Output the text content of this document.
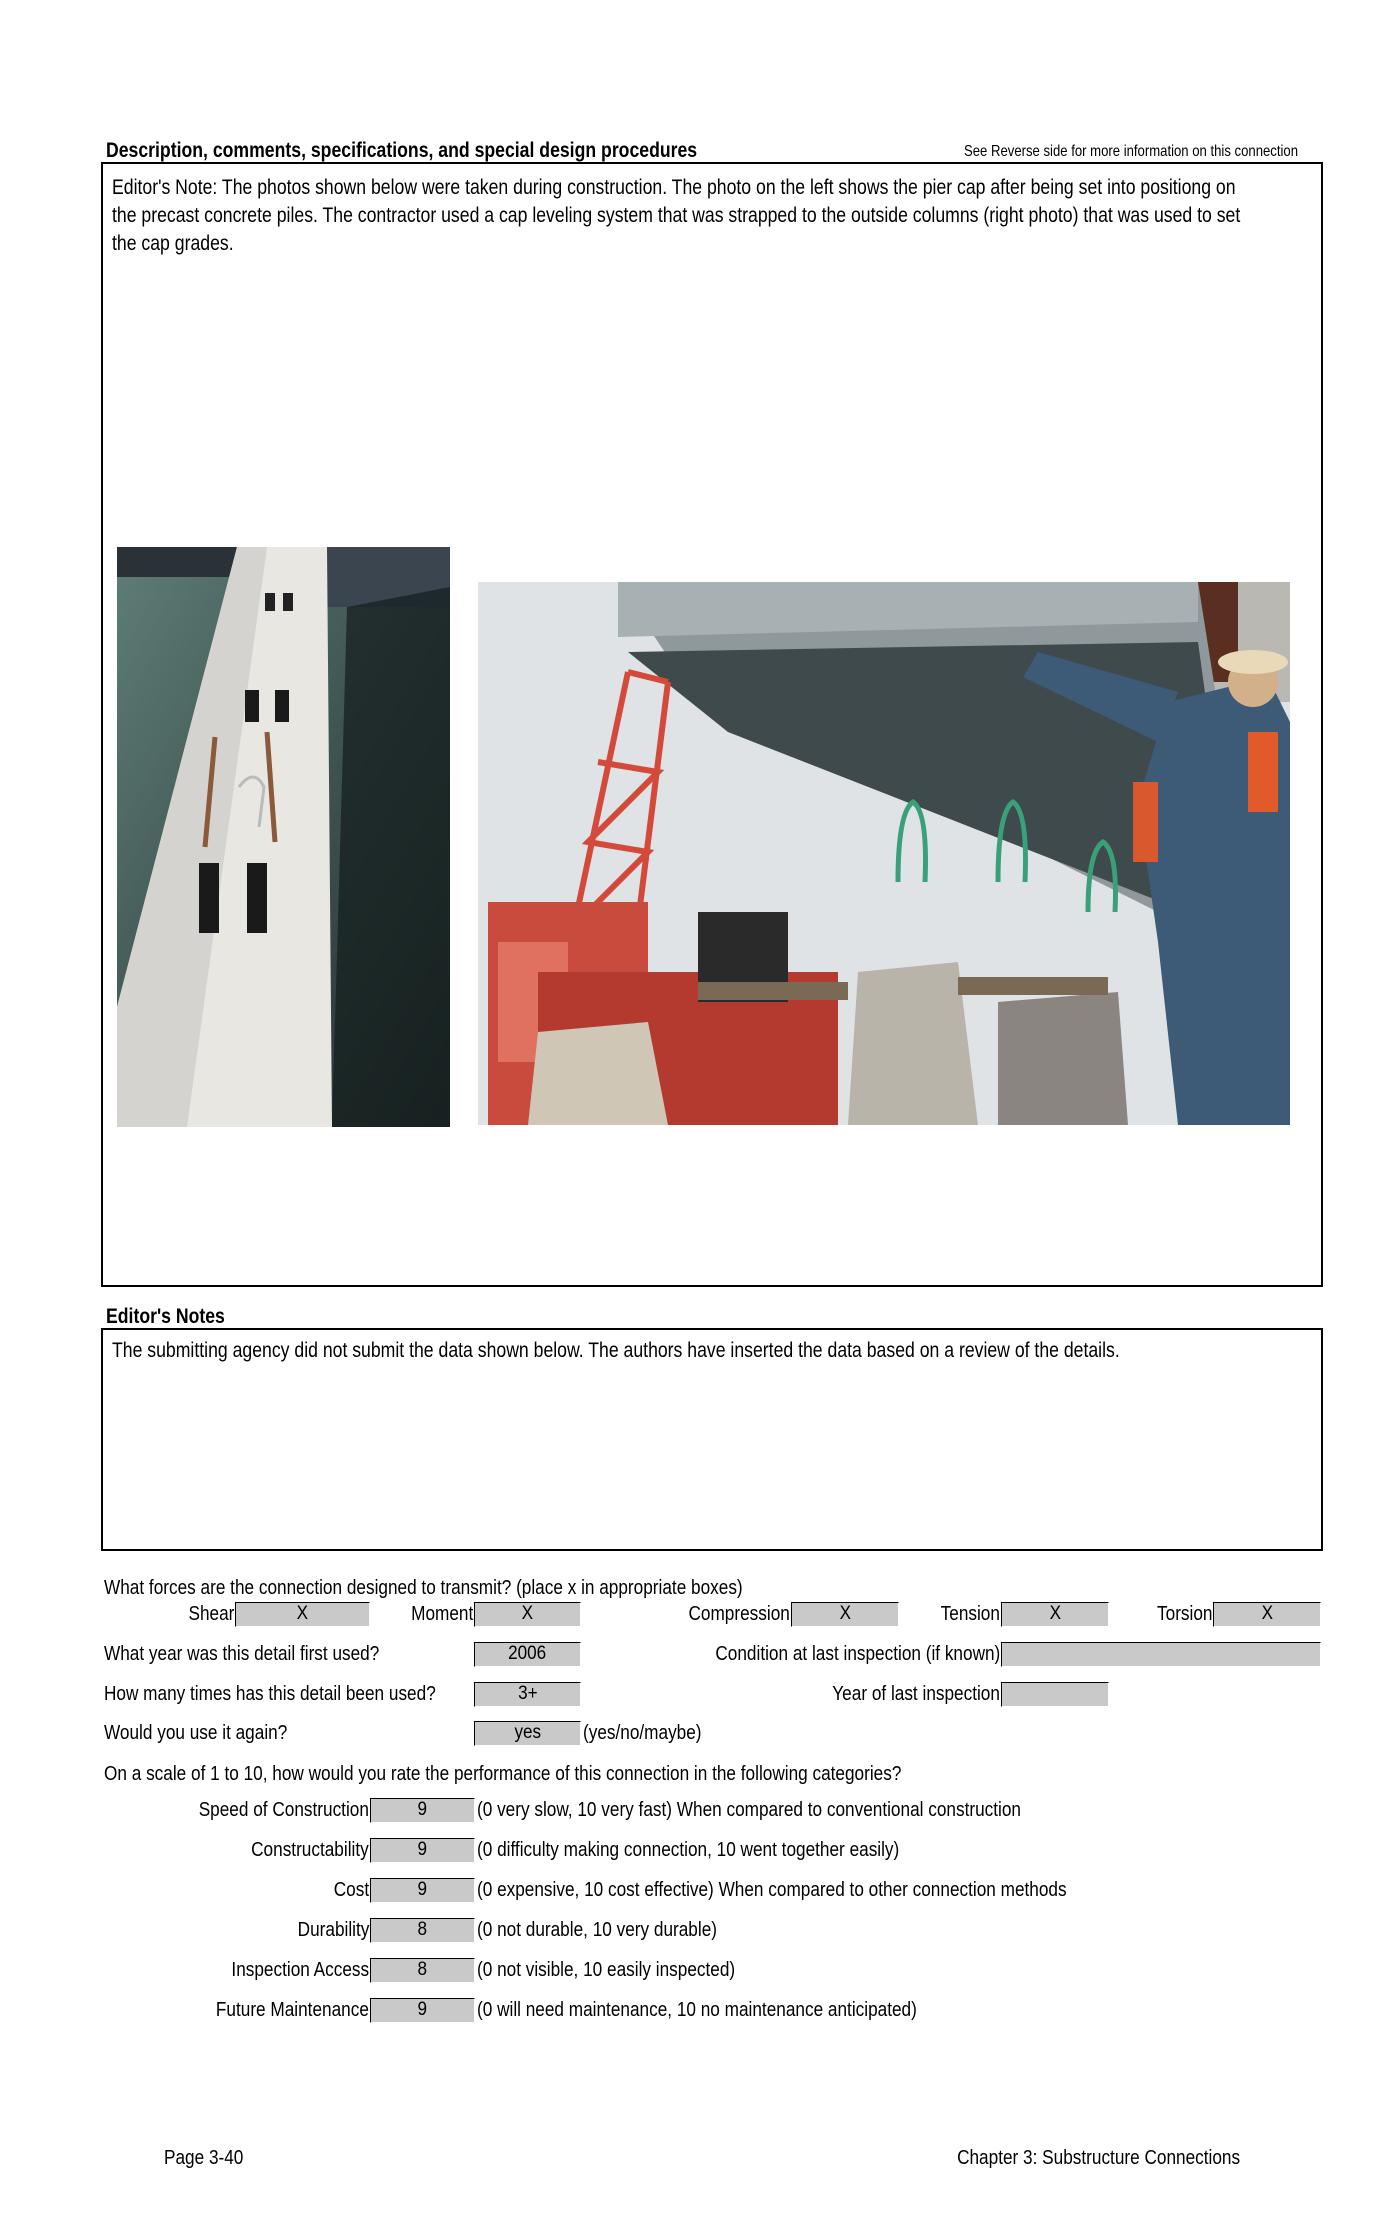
Description, comments, specifications, and special design procedures	See Reverse side for more information on this connection
Editor's Note: The photos shown below were taken during construction. The photo on the left shows the pier cap after being set into positiong on
the precast concrete piles. The contractor used a cap leveling system that was strapped to the outside columns (right photo) that was used to set
the cap grades.
Editor's Notes
The submitting agency did not submit the data shown below. The authors have inserted the data based on a review of the details.
What forces are the connection designed to transmit? (place x in appropriate boxes)
Shear	X	Moment	X	Compression	X	Tension	X	Torsion	X
What year was this detail first used?	2006	Condition at last inspection (if known)
How many times has this detail been used?	3+	Year of last inspection
Would you use it again?	yes	(yes/no/maybe)
On a scale of 1 to 10, how would you rate the performance of this connection in the following categories?
Speed of Construction	9	(0 very slow, 10 very fast) When compared to conventional construction
Constructability	9	(0 difficulty making connection, 10 went together easily)
Cost	9	(0 expensive, 10 cost effective) When compared to other connection methods
Durability	8	(0 not durable, 10 very durable)
Inspection Access	8	(0 not visible, 10 easily inspected)
Future Maintenance	9	(0 will need maintenance, 10 no maintenance anticipated)
Page 3-40	Chapter 3: Substructure Connections
